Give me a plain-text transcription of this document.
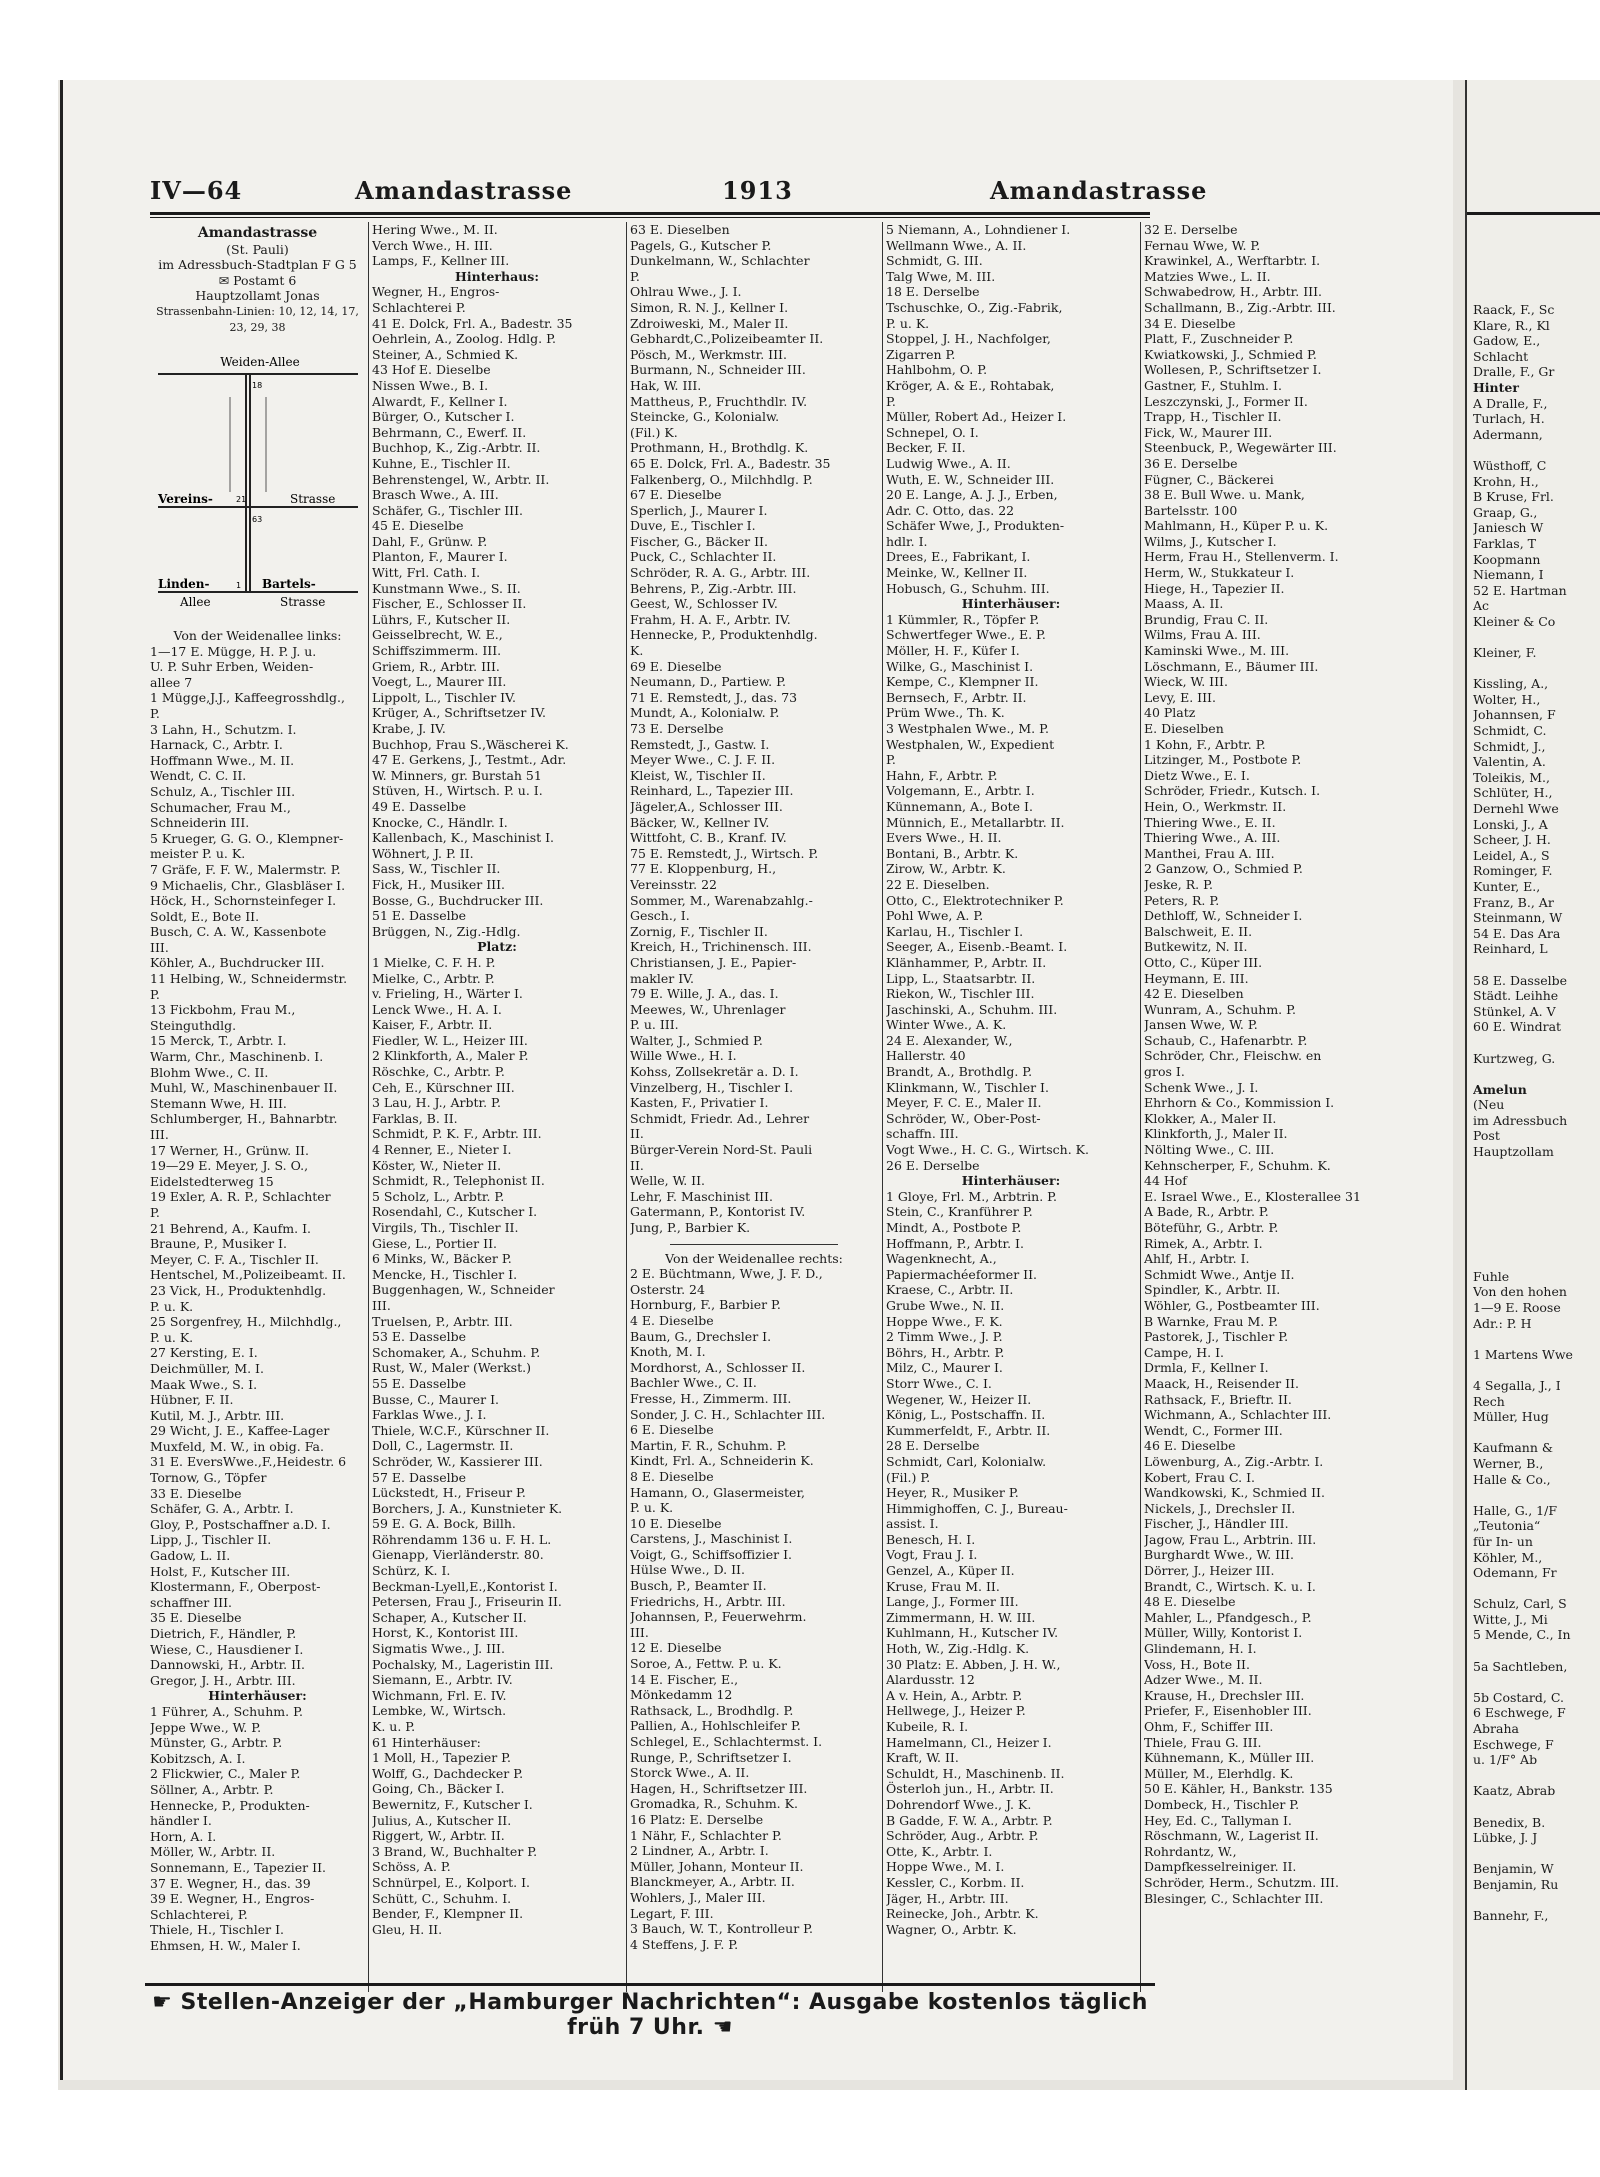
IV—64	Amandastrasse	1913	Amandastrasse
Amandastrasse
(St. Pauli)
im Adressbuch-Stadtplan F G 5
✉ Postamt 6
Hauptzollamt Jonas
Strassenbahn-Linien: 10, 12, 14, 17, 23, 29, 38
Weiden-Allee
Vereins-	Strasse
Linden-	Bartels-
Allee	Strasse
18
21
63
1
Von der Weidenallee links:
1—17 E. Mügge, H. P. J. u.
U. P. Suhr Erben, Weiden-
allee 7
1 Mügge,J.J., Kaffeegrosshdlg.,
P.
3 Lahn, H., Schutzm. I.
Harnack, C., Arbtr. I.
Hoffmann Wwe., M. II.
Wendt, C. C. II.
Schulz, A., Tischler III.
Schumacher, Frau M.,
Schneiderin III.
5 Krueger, G. G. O., Klempner-
meister P. u. K.
7 Gräfe, F. F. W., Malermstr. P.
9 Michaelis, Chr., Glasbläser I.
Höck, H., Schornsteinfeger I.
Soldt, E., Bote II.
Busch, C. A. W., Kassenbote
III.
Köhler, A., Buchdrucker III.
11 Helbing, W., Schneidermstr.
P.
13 Fickbohm, Frau M.,
Steinguthdlg.
15 Merck, T., Arbtr. I.
Warm, Chr., Maschinenb. I.
Blohm Wwe., C. II.
Muhl, W., Maschinenbauer II.
Stemann Wwe, H. III.
Schlumberger, H., Bahnarbtr.
III.
17 Werner, H., Grünw. II.
19—29 E. Meyer, J. S. O.,
Eidelstedterweg 15
19 Exler, A. R. P., Schlachter
P.
21 Behrend, A., Kaufm. I.
Braune, P., Musiker I.
Meyer, C. F. A., Tischler II.
Hentschel, M.,Polizeibeamt. II.
23 Vick, H., Produktenhdlg.
P. u. K.
25 Sorgenfrey, H., Milchhdlg.,
P. u. K.
27 Kersting, E. I.
Deichmüller, M. I.
Maak Wwe., S. I.
Hübner, F. II.
Kutil, M. J., Arbtr. III.
29 Wicht, J. E., Kaffee-Lager
Muxfeld, M. W., in obig. Fa.
31 E. EversWwe.,F.,Heidestr. 6
Tornow, G., Töpfer
33 E. Dieselbe
Schäfer, G. A., Arbtr. I.
Gloy, P., Postschaffner a.D. I.
Lipp, J., Tischler II.
Gadow, L. II.
Holst, F., Kutscher III.
Klostermann, F., Oberpost-
schaffner III.
35 E. Dieselbe
Dietrich, F., Händler, P.
Wiese, C., Hausdiener I.
Dannowski, H., Arbtr. II.
Gregor, J. H., Arbtr. III.
Hinterhäuser:
1 Führer, A., Schuhm. P.
Jeppe Wwe., W. P.
Münster, G., Arbtr. P.
Kobitzsch, A. I.
2 Flickwier, C., Maler P.
Söllner, A., Arbtr. P.
Hennecke, P., Produkten-
händler I.
Horn, A. I.
Möller, W., Arbtr. II.
Sonnemann, E., Tapezier II.
37 E. Wegner, H., das. 39
39 E. Wegner, H., Engros-
Schlachterei, P.
Thiele, H., Tischler I.
Ehmsen, H. W., Maler I.
Hering Wwe., M. II.
Verch Wwe., H. III.
Lamps, F., Kellner III.
Hinterhaus:
Wegner, H., Engros-
Schlachterei P.
41 E. Dolck, Frl. A., Badestr. 35
Oehrlein, A., Zoolog. Hdlg. P.
Steiner, A., Schmied K.
43 Hof E. Dieselbe
Nissen Wwe., B. I.
Alwardt, F., Kellner I.
Bürger, O., Kutscher I.
Behrmann, C., Ewerf. II.
Buchhop, K., Zig.-Arbtr. II.
Kuhne, E., Tischler II.
Behrenstengel, W., Arbtr. II.
Brasch Wwe., A. III.
Schäfer, G., Tischler III.
45 E. Dieselbe
Dahl, F., Grünw. P.
Planton, F., Maurer I.
Witt, Frl. Cath. I.
Kunstmann Wwe., S. II.
Fischer, E., Schlosser II.
Lührs, F., Kutscher II.
Geisselbrecht, W. E.,
Schiffszimmerm. III.
Griem, R., Arbtr. III.
Voegt, L., Maurer III.
Lippolt, L., Tischler IV.
Krüger, A., Schriftsetzer IV.
Krabe, J. IV.
Buchhop, Frau S.,Wäscherei K.
47 E. Gerkens, J., Testmt., Adr.
W. Minners, gr. Burstah 51
Stüven, H., Wirtsch. P. u. I.
49 E. Dasselbe
Knocke, C., Händlr. I.
Kallenbach, K., Maschinist I.
Wöhnert, J. P. II.
Sass, W., Tischler II.
Fick, H., Musiker III.
Bosse, G., Buchdrucker III.
51 E. Dasselbe
Brüggen, N., Zig.-Hdlg.
Platz:
1 Mielke, C. F. H. P.
Mielke, C., Arbtr. P.
v. Frieling, H., Wärter I.
Lenck Wwe., H. A. I.
Kaiser, F., Arbtr. II.
Fiedler, W. L., Heizer III.
2 Klinkforth, A., Maler P.
Röschke, C., Arbtr. P.
Ceh, E., Kürschner III.
3 Lau, H. J., Arbtr. P.
Farklas, B. II.
Schmidt, P. K. F., Arbtr. III.
4 Renner, E., Nieter I.
Köster, W., Nieter II.
Schmidt, R., Telephonist II.
5 Scholz, L., Arbtr. P.
Rosendahl, C., Kutscher I.
Virgils, Th., Tischler II.
Giese, L., Portier II.
6 Minks, W., Bäcker P.
Mencke, H., Tischler I.
Buggenhagen, W., Schneider
III.
Truelsen, P., Arbtr. III.
53 E. Dasselbe
Schomaker, A., Schuhm. P.
Rust, W., Maler (Werkst.)
55 E. Dasselbe
Busse, C., Maurer I.
Farklas Wwe., J. I.
Thiele, W.C.F., Kürschner II.
Doll, C., Lagermstr. II.
Schröder, W., Kassierer III.
57 E. Dasselbe
Lückstedt, H., Friseur P.
Borchers, J. A., Kunstnieter K.
59 E. G. A. Bock, Billh.
Röhrendamm 136 u. F. H. L.
Gienapp, Vierländerstr. 80.
Schürz, K. I.
Beckman-Lyell,E.,Kontorist I.
Petersen, Frau J., Friseurin II.
Schaper, A., Kutscher II.
Horst, K., Kontorist III.
Sigmatis Wwe., J. III.
Pochalsky, M., Lageristin III.
Siemann, E., Arbtr. IV.
Wichmann, Frl. E. IV.
Lembke, W., Wirtsch.
K. u. P.
61 Hinterhäuser:
1 Moll, H., Tapezier P.
Wolff, G., Dachdecker P.
Going, Ch., Bäcker I.
Bewernitz, F., Kutscher I.
Julius, A., Kutscher II.
Riggert, W., Arbtr. II.
3 Brand, W., Buchhalter P.
Schöss, A. P.
Schnürpel, E., Kolport. I.
Schütt, C., Schuhm. I.
Bender, F., Klempner II.
Gleu, H. II.
63 E. Dieselben
Pagels, G., Kutscher P.
Dunkelmann, W., Schlachter
P.
Ohlrau Wwe., J. I.
Simon, R. N. J., Kellner I.
Zdroiweski, M., Maler II.
Gebhardt,C.,Polizeibeamter II.
Pösch, M., Werkmstr. III.
Burmann, N., Schneider III.
Hak, W. III.
Mattheus, P., Fruchthdlr. IV.
Steincke, G., Kolonialw.
(Fil.) K.
Prothmann, H., Brothdlg. K.
65 E. Dolck, Frl. A., Badestr. 35
Falkenberg, O., Milchhdlg. P.
67 E. Dieselbe
Sperlich, J., Maurer I.
Duve, E., Tischler I.
Fischer, G., Bäcker II.
Puck, C., Schlachter II.
Schröder, R. A. G., Arbtr. III.
Behrens, P., Zig.-Arbtr. III.
Geest, W., Schlosser IV.
Frahm, H. A. F., Arbtr. IV.
Hennecke, P., Produktenhdlg.
K.
69 E. Dieselbe
Neumann, D., Partiew. P.
71 E. Remstedt, J., das. 73
Mundt, A., Kolonialw. P.
73 E. Derselbe
Remstedt, J., Gastw. I.
Meyer Wwe., C. J. F. II.
Kleist, W., Tischler II.
Reinhard, L., Tapezier III.
Jägeler,A., Schlosser III.
Bäcker, W., Kellner IV.
Wittfoht, C. B., Kranf. IV.
75 E. Remstedt, J., Wirtsch. P.
77 E. Kloppenburg, H.,
Vereinsstr. 22
Sommer, M., Warenabzahlg.-
Gesch., I.
Zornig, F., Tischler II.
Kreich, H., Trichinensch. III.
Christiansen, J. E., Papier-
makler IV.
79 E. Wille, J. A., das. I.
Meewes, W., Uhrenlager
P. u. III.
Walter, J., Schmied P.
Wille Wwe., H. I.
Kohss, Zollsekretär a. D. I.
Vinzelberg, H., Tischler I.
Kasten, F., Privatier I.
Schmidt, Friedr. Ad., Lehrer
II.
Bürger-Verein Nord-St. Pauli
II.
Welle, W. II.
Lehr, F. Maschinist III.
Gatermann, P., Kontorist IV.
Jung, P., Barbier K.
Von der Weidenallee rechts:
2 E. Büchtmann, Wwe, J. F. D.,
Osterstr. 24
Hornburg, F., Barbier P.
4 E. Dieselbe
Baum, G., Drechsler I.
Knoth, M. I.
Mordhorst, A., Schlosser II.
Bachler Wwe., C. II.
Fresse, H., Zimmerm. III.
Sonder, J. C. H., Schlachter III.
6 E. Dieselbe
Martin, F. R., Schuhm. P.
Kindt, Frl. A., Schneiderin K.
8 E. Dieselbe
Hamann, O., Glasermeister,
P. u. K.
10 E. Dieselbe
Carstens, J., Maschinist I.
Voigt, G., Schiffsoffizier I.
Hülse Wwe., D. II.
Busch, P., Beamter II.
Friedrichs, H., Arbtr. III.
Johannsen, P., Feuerwehrm.
III.
12 E. Dieselbe
Soroe, A., Fettw. P. u. K.
14 E. Fischer, E.,
Mönkedamm 12
Rathsack, L., Brodhdlg. P.
Pallien, A., Hohlschleifer P.
Schlegel, E., Schlachtermst. I.
Runge, P., Schriftsetzer I.
Storck Wwe., A. II.
Hagen, H., Schriftsetzer III.
Gromadka, R., Schuhm. K.
16 Platz: E. Derselbe
1 Nähr, F., Schlachter P.
2 Lindner, A., Arbtr. I.
Müller, Johann, Monteur II.
Blanckmeyer, A., Arbtr. II.
Wohlers, J., Maler III.
Legart, F. III.
3 Bauch, W. T., Kontrolleur P.
4 Steffens, J. F. P.
5 Niemann, A., Lohndiener I.
Wellmann Wwe., A. II.
Schmidt, G. III.
Talg Wwe, M. III.
18 E. Derselbe
Tschuschke, O., Zig.-Fabrik,
P. u. K.
Stoppel, J. H., Nachfolger,
Zigarren P.
Hahlbohm, O. P.
Kröger, A. & E., Rohtabak,
P.
Müller, Robert Ad., Heizer I.
Schnepel, O. I.
Becker, F. II.
Ludwig Wwe., A. II.
Wuth, E. W., Schneider III.
20 E. Lange, A. J. J., Erben,
Adr. C. Otto, das. 22
Schäfer Wwe, J., Produkten-
hdlr. I.
Drees, E., Fabrikant, I.
Meinke, W., Kellner II.
Hobusch, G., Schuhm. III.
Hinterhäuser:
1 Kümmler, R., Töpfer P.
Schwertfeger Wwe., E. P.
Möller, H. F., Küfer I.
Wilke, G., Maschinist I.
Kempe, C., Klempner II.
Bernsech, F., Arbtr. II.
Prüm Wwe., Th. K.
3 Westphalen Wwe., M. P.
Westphalen, W., Expedient
P.
Hahn, F., Arbtr. P.
Volgemann, E., Arbtr. I.
Künnemann, A., Bote I.
Münnich, E., Metallarbtr. II.
Evers Wwe., H. II.
Bontani, B., Arbtr. K.
Zirow, W., Arbtr. K.
22 E. Dieselben.
Otto, C., Elektrotechniker P.
Pohl Wwe, A. P.
Karlau, H., Tischler I.
Seeger, A., Eisenb.-Beamt. I.
Klänhammer, P., Arbtr. II.
Lipp, L., Staatsarbtr. II.
Riekon, W., Tischler III.
Jaschinski, A., Schuhm. III.
Winter Wwe., A. K.
24 E. Alexander, W.,
Hallerstr. 40
Brandt, A., Brothdlg. P.
Klinkmann, W., Tischler I.
Meyer, F. C. E., Maler II.
Schröder, W., Ober-Post-
schaffn. III.
Vogt Wwe., H. C. G., Wirtsch. K.
26 E. Derselbe
Hinterhäuser:
1 Gloye, Frl. M., Arbtrin. P.
Stein, C., Kranführer P.
Mindt, A., Postbote P.
Hoffmann, P., Arbtr. I.
Wagenknecht, A.,
Papiermachéeformer II.
Kraese, C., Arbtr. II.
Grube Wwe., N. II.
Hoppe Wwe., F. K.
2 Timm Wwe., J. P.
Böhrs, H., Arbtr. P.
Milz, C., Maurer I.
Storr Wwe., C. I.
Wegener, W., Heizer II.
König, L., Postschaffn. II.
Kummerfeldt, F., Arbtr. II.
28 E. Derselbe
Schmidt, Carl, Kolonialw.
(Fil.) P.
Heyer, R., Musiker P.
Himmighoffen, C. J., Bureau-
assist. I.
Benesch, H. I.
Vogt, Frau J. I.
Genzel, A., Küper II.
Kruse, Frau M. II.
Lange, J., Former III.
Zimmermann, H. W. III.
Kuhlmann, H., Kutscher IV.
Hoth, W., Zig.-Hdlg. K.
30 Platz: E. Abben, J. H. W.,
Alardusstr. 12
A v. Hein, A., Arbtr. P.
Hellwege, J., Heizer P.
Kubeile, R. I.
Hamelmann, Cl., Heizer I.
Kraft, W. II.
Schuldt, H., Maschinenb. II.
Österloh jun., H., Arbtr. II.
Dohrendorf Wwe., J. K.
B Gadde, F. W. A., Arbtr. P.
Schröder, Aug., Arbtr. P.
Otte, K., Arbtr. I.
Hoppe Wwe., M. I.
Kessler, C., Korbm. II.
Jäger, H., Arbtr. III.
Reinecke, Joh., Arbtr. K.
Wagner, O., Arbtr. K.
32 E. Derselbe
Fernau Wwe, W. P.
Krawinkel, A., Werftarbtr. I.
Matzies Wwe., L. II.
Schwabedrow, H., Arbtr. III.
Schallmann, B., Zig.-Arbtr. III.
34 E. Dieselbe
Platt, F., Zuschneider P.
Kwiatkowski, J., Schmied P.
Wollesen, P., Schriftsetzer I.
Gastner, F., Stuhlm. I.
Leszczynski, J., Former II.
Trapp, H., Tischler II.
Fick, W., Maurer III.
Steenbuck, P., Wegewärter III.
36 E. Derselbe
Fügner, C., Bäckerei
38 E. Bull Wwe. u. Mank,
Bartelsstr. 100
Mahlmann, H., Küper P. u. K.
Wilms, J., Kutscher I.
Herm, Frau H., Stellenverm. I.
Herm, W., Stukkateur I.
Hiege, H., Tapezier II.
Maass, A. II.
Brundig, Frau C. II.
Wilms, Frau A. III.
Kaminski Wwe., M. III.
Löschmann, E., Bäumer III.
Wieck, W. III.
Levy, E. III.
40 Platz
E. Dieselben
1 Kohn, F., Arbtr. P.
Litzinger, M., Postbote P.
Dietz Wwe., E. I.
Schröder, Friedr., Kutsch. I.
Hein, O., Werkmstr. II.
Thiering Wwe., E. II.
Thiering Wwe., A. III.
Manthei, Frau A. III.
2 Ganzow, O., Schmied P.
Jeske, R. P.
Peters, R. P.
Dethloff, W., Schneider I.
Balschweit, E. II.
Butkewitz, N. II.
Otto, C., Küper III.
Heymann, E. III.
42 E. Dieselben
Wunram, A., Schuhm. P.
Jansen Wwe, W. P.
Schaub, C., Hafenarbtr. P.
Schröder, Chr., Fleischw. en
gros I.
Schenk Wwe., J. I.
Ehrhorn & Co., Kommission I.
Klokker, A., Maler II.
Klinkforth, J., Maler II.
Nölting Wwe., C. III.
Kehnscherper, F., Schuhm. K.
44 Hof
E. Israel Wwe., E., Klosterallee 31
A Bade, R., Arbtr. P.
Böteführ, G., Arbtr. P.
Rimek, A., Arbtr. I.
Ahlf, H., Arbtr. I.
Schmidt Wwe., Antje II.
Spindler, K., Arbtr. II.
Wöhler, G., Postbeamter III.
B Warnke, Frau M. P.
Pastorek, J., Tischler P.
Campe, H. I.
Drmla, F., Kellner I.
Maack, H., Reisender II.
Rathsack, F., Brieftr. II.
Wichmann, A., Schlachter III.
Wendt, C., Former III.
46 E. Dieselbe
Löwenburg, A., Zig.-Arbtr. I.
Kobert, Frau C. I.
Wandkowski, K., Schmied II.
Nickels, J., Drechsler II.
Fischer, J., Händler III.
Jagow, Frau L., Arbtrin. III.
Burghardt Wwe., W. III.
Dörrer, J., Heizer III.
Brandt, C., Wirtsch. K. u. I.
48 E. Dieselbe
Mahler, L., Pfandgesch., P.
Müller, Willy, Kontorist I.
Glindemann, H. I.
Voss, H., Bote II.
Adzer Wwe., M. II.
Krause, H., Drechsler III.
Priefer, F., Eisenhobler III.
Ohm, F., Schiffer III.
Thiele, Frau G. III.
Kühnemann, K., Müller III.
Müller, M., Elerhdlg. K.
50 E. Kähler, H., Bankstr. 135
Dombeck, H., Tischler P.
Hey, Ed. C., Tallyman I.
Röschmann, W., Lagerist II.
Rohrdantz, W.,
Dampfkesselreiniger. II.
Schröder, Herm., Schutzm. III.
Blesinger, C., Schlachter III.
☛ Stellen-Anzeiger der „Hamburger Nachrichten“: Ausgabe kostenlos täglich früh 7 Uhr. ☚
Raack, F., Sc
Klare, R., Kl
Gadow, E.,
Schlacht
Dralle, F., Gr
Hinter
A Dralle, F.,
Turlach, H.
Adermann,

Wüsthoff, C
Krohn, H.,
B Kruse, Frl.
Graap, G.,
Janiesch W
Farklas, T
Koopmann
Niemann, I
52 E. Hartman
Ac
Kleiner & Co

Kleiner, F.

Kissling, A.,
Wolter, H.,
Johannsen, F
Schmidt, C.
Schmidt, J.,
Valentin, A.
Toleikis, M.,
Schlüter, H.,
Dernehl Wwe
Lonski, J., A
Scheer, J. H.
Leidel, A., S
Rominger, F.
Kunter, E.,
Franz, B., Ar
Steinmann, W
54 E. Das Ara
Reinhard, L

58 E. Dasselbe
Städt. Leihhe
Stünkel, A. V
60 E. Windrat

Kurtzweg, G.

Amelun
(Neu
im Adressbuch
Post
Hauptzollam

Fuhle
Von den hohen
1—9 E. Roose
Adr.: P. H

1 Martens Wwe

4 Segalla, J., I
Rech
Müller, Hug

Kaufmann &
Werner, B.,
Halle & Co.,

Halle, G., 1/F
„Teutonia“
für In- un
Köhler, M.,
Odemann, Fr

Schulz, Carl, S
Witte, J., Mi
5 Mende, C., In

5a Sachtleben,

5b Costard, C.
6 Eschwege, F
Abraha
Eschwege, F
u. 1/F° Ab

Kaatz, Abrab

Benedix, B.
Lübke, J. J

Benjamin, W
Benjamin, Ru

Bannehr, F.,
